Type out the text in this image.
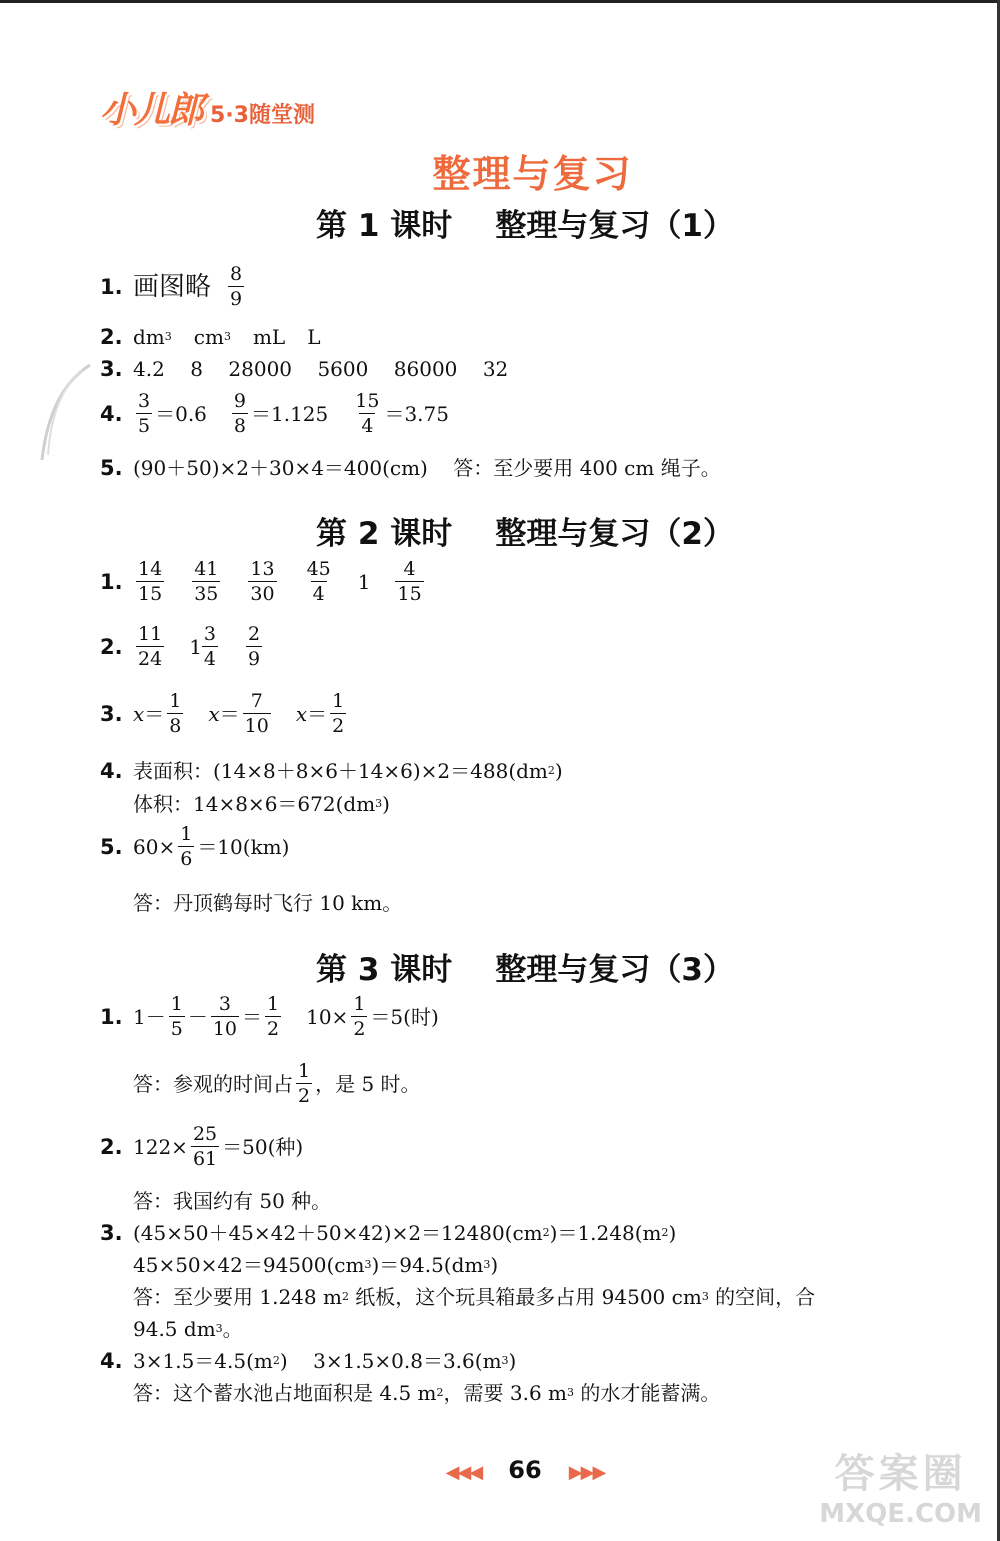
小儿郎 5·3随堂测
整理与复习
第 1 课时    整理与复习（1）
1. 画图略 $\frac{8}{9}$
2. dm 3 cm 3 mL L
3. 4.2    8    28000    5600    86000    32
4. $\frac{3}{5} =0.6 \frac{9}{8} =1.125 \frac{15}{4} =3.75$
5. (90＋50)×2＋30×4＝400(cm)    答：至少要用 400 cm 绳子。
第 2 课时    整理与复习（2）
1. $\frac{14}{15} \frac{41}{35} \frac{13}{30} \frac{45}{4} 1 \frac{4}{15}$
2. $\frac{11}{24} 1 \frac{3}{4} \frac{2}{9}$
3. $x = \frac{1}{8}$ $x = \frac{7}{10}$ $x = \frac{1}{2}$
4. 表面积：(14×8＋8×6＋14×6)×2＝488(dm 2 )
体积：14×8×6＝672(dm 3 )
5. $60\times \frac{1}{6} =10(km)$
答：丹顶鹤每时飞行 10 km。
第 3 课时    整理与复习（3）
1. $1- \frac{1}{5} - \frac{3}{10} = \frac{1}{2} 10\times \frac{1}{2} =5$(时)
答：参观的时间占 $\frac{1}{2}$ ，是 5 时。
2. $122\times \frac{25}{61} =50$(种)
答：我国约有 50 种。
3. (45×50＋45×42＋50×42)×2＝12480(cm 2 )＝1.248(m 2 )
45×50×42＝94500(cm 3 )＝94.5(dm 3 )
答：至少要用 1.248 m 2 纸板，这个玩具箱最多占用 94500 cm 3 的空间，合
94.5 dm 3 。
4. 3×1.5＝4.5(m 2 )    3×1.5×0.8＝3.6(m 3 )
答：这个蓄水池占地面积是 4.5 m 2 ，需要 3.6 m 3 的水才能蓄满。
◀◀◀ 66 ▶▶▶	答案圈
MXQE.COM
